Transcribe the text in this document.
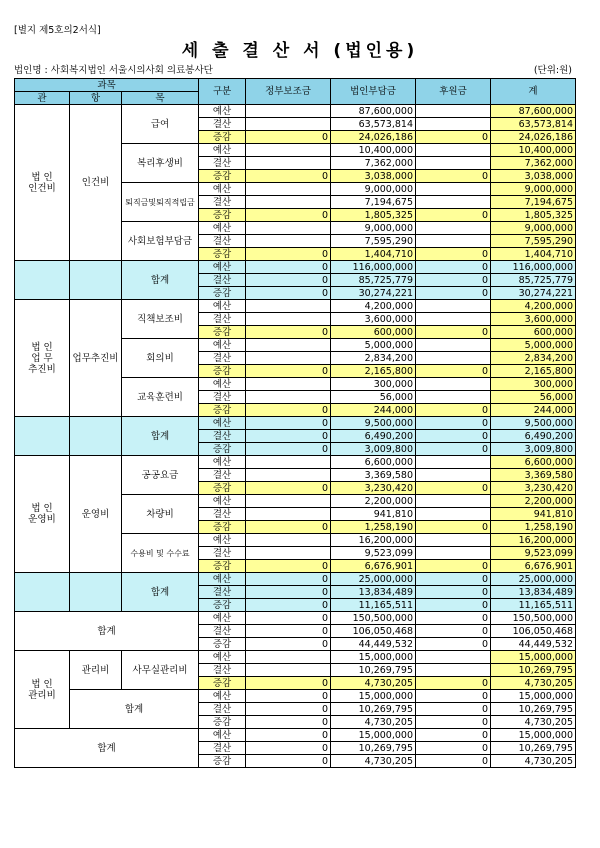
[별지 제5호의2서식]
세 출 결 산 서 (법인용)
법인명 : 사회복지법인 서울시의사회 의료봉사단	(단위:원)
과목			구분	정부보조금	법인부담금	후원금	계
관	항	목					
법 인
인건비	인건비	급여	예산		87,600,000		87,600,000
			결산		63,573,814		63,573,814
			증감	0	24,026,186	0	24,026,186
		복리후생비	예산		10,400,000		10,400,000
			결산		7,362,000		7,362,000
			증감	0	3,038,000	0	3,038,000
		퇴직금및퇴직적립금	예산		9,000,000		9,000,000
			결산		7,194,675		7,194,675
			증감	0	1,805,325	0	1,805,325
		사회보험부담금	예산		9,000,000		9,000,000
			결산		7,595,290		7,595,290
			증감	0	1,404,710	0	1,404,710
		합계	예산	0	116,000,000	0	116,000,000
			결산	0	85,725,779	0	85,725,779
			증감	0	30,274,221	0	30,274,221
법 인
업 무
추진비	업무추진비	직책보조비	예산		4,200,000		4,200,000
			결산		3,600,000		3,600,000
			증감	0	600,000	0	600,000
		회의비	예산		5,000,000		5,000,000
			결산		2,834,200		2,834,200
			증감	0	2,165,800	0	2,165,800
		교육훈련비	예산		300,000		300,000
			결산		56,000		56,000
			증감	0	244,000	0	244,000
		합계	예산	0	9,500,000	0	9,500,000
			결산	0	6,490,200	0	6,490,200
			증감	0	3,009,800	0	3,009,800
법 인
운영비	운영비	공공요금	예산		6,600,000		6,600,000
			결산		3,369,580		3,369,580
			증감	0	3,230,420	0	3,230,420
		차량비	예산		2,200,000		2,200,000
			결산		941,810		941,810
			증감	0	1,258,190	0	1,258,190
		수용비 및 수수료	예산		16,200,000		16,200,000
			결산		9,523,099		9,523,099
			증감	0	6,676,901	0	6,676,901
		합계	예산	0	25,000,000	0	25,000,000
			결산	0	13,834,489	0	13,834,489
			증감	0	11,165,511	0	11,165,511
합계			예산	0	150,500,000	0	150,500,000
			결산	0	106,050,468	0	106,050,468
			증감	0	44,449,532	0	44,449,532
법 인
관리비	관리비	사무실관리비	예산		15,000,000		15,000,000
			결산		10,269,795		10,269,795
			증감	0	4,730,205	0	4,730,205
	합계		예산	0	15,000,000	0	15,000,000
			결산	0	10,269,795	0	10,269,795
			증감	0	4,730,205	0	4,730,205
합계			예산	0	15,000,000	0	15,000,000
			결산	0	10,269,795	0	10,269,795
			증감	0	4,730,205	0	4,730,205
